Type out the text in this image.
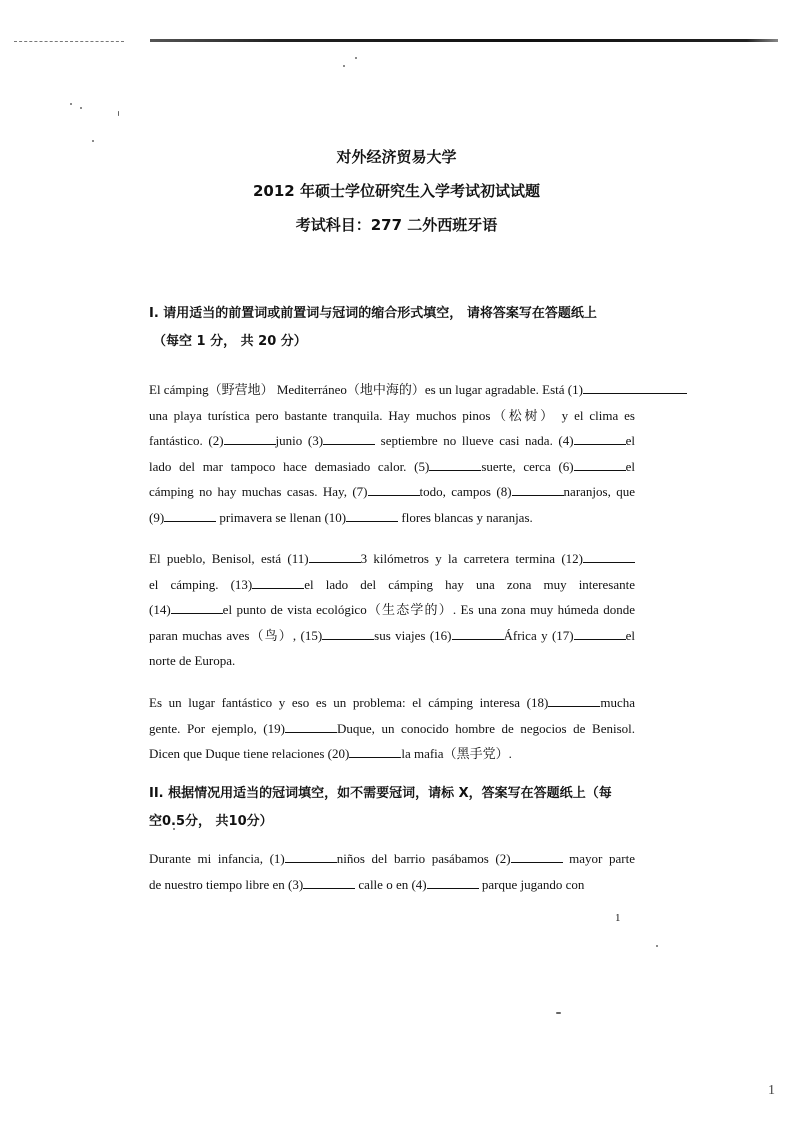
对外经济贸易大学
2012 年硕士学位研究生入学考试初试试题
考试科目：277 二外西班牙语
I. 请用适当的前置词或前置词与冠词的缩合形式填空， 请将答案写在答题纸上
（每空 1 分， 共 20 分）
El cámping（野营地） Mediterráneo（地中海的）es un lugar agradable. Está (1)
una playa turística pero bastante tranquila. Hay muchos pinos（松树） y el clima es
fantástico. (2)	junio (3)	septiembre no llueve casi nada. (4)	el
lado del mar tampoco hace demasiado calor. (5)	suerte, cerca (6)	el
cámping no hay muchas casas. Hay, (7)	todo, campos (8)	naranjos, que
(9)	primavera se llenan (10)	flores blancas y naranjas.
El pueblo, Benisol, está (11)	3 kilómetros y la carretera termina (12)
el cámping. (13)	el lado del cámping hay una zona muy interesante
(14)	el punto de vista ecológico（生态学的）. Es una zona muy húmeda donde
paran muchas aves（鸟）, (15)	sus viajes (16)	África y (17)	el
norte de Europa.
Es un lugar fantástico y eso es un problema: el cámping interesa (18)	mucha
gente. Por ejemplo, (19)	Duque, un conocido hombre de negocios de Benisol.
Dicen que Duque tiene relaciones (20)	la mafia（黑手党）.
II. 根据情况用适当的冠词填空，如不需要冠词，请标 X，答案写在答题纸上（每
空0.5分， 共10分）
Durante mi infancia, (1)	niños del barrio pasábamos (2)	mayor parte
de nuestro tiempo libre en (3)	calle o en (4)	parque jugando con
1
1
